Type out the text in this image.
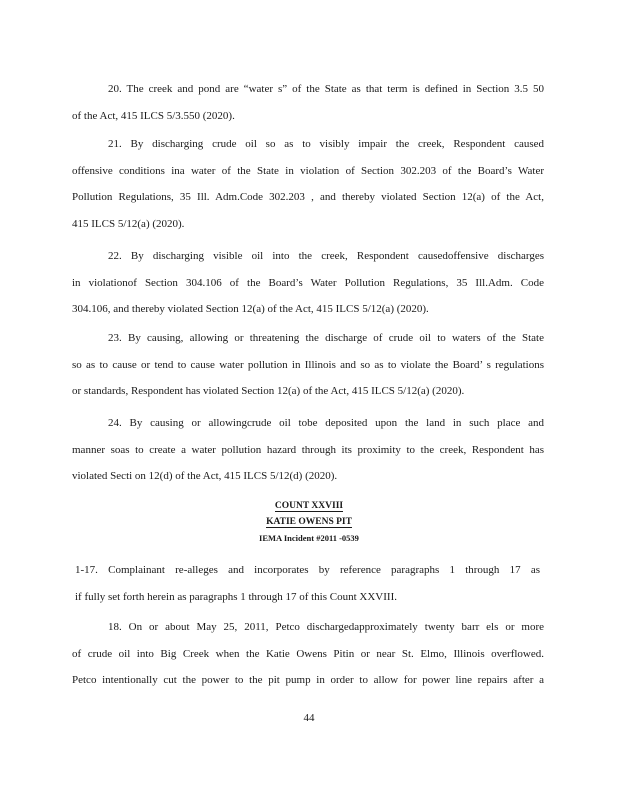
20. The creek and pond are “water s” of the State as that term is defined in Section 3.5 50
of the Act, 415 ILCS 5/3.550 (2020).
21. By discharging crude oil so as to visibly impair the creek, Respondent caused
offensive conditions ina water of the State in violation of Section 302.203 of the Board’s Water
Pollution Regulations, 35 Ill. Adm.Code 302.203 , and thereby violated Section 12(a) of the Act,
415 ILCS 5/12(a) (2020).
22. By discharging visible oil into the creek, Respondent causedoffensive discharges
in violationof Section 304.106 of the Board’s Water Pollution Regulations, 35 Ill.Adm. Code
304.106, and thereby violated Section 12(a) of the Act, 415 ILCS 5/12(a) (2020).
23. By causing, allowing or threatening the discharge of crude oil to waters of the State
so as to cause or tend to cause water pollution in Illinois and so as to violate the Board’ s regulations
or standards, Respondent has violated Section 12(a) of the Act, 415 ILCS 5/12(a) (2020).
24. By causing or allowingcrude oil tobe deposited upon the land in such place and
manner soas to create a water pollution hazard through its proximity to the creek, Respondent has
violated Secti on 12(d) of the Act, 415 ILCS 5/12(d) (2020).
COUNT XXVIII
KATIE OWENS PIT
IEMA Incident #2011 -0539
1-17. Complainant re-alleges and incorporates by reference paragraphs 1 through 17 as
if fully set forth herein as paragraphs 1 through 17 of this Count XXVIII.
18. On or about May 25, 2011, Petco dischargedapproximately twenty barr els or more
of crude oil into Big Creek when the Katie Owens Pitin or near St. Elmo, Illinois overflowed.
Petco intentionally cut the power to the pit pump in order to allow for power line repairs after a
44
